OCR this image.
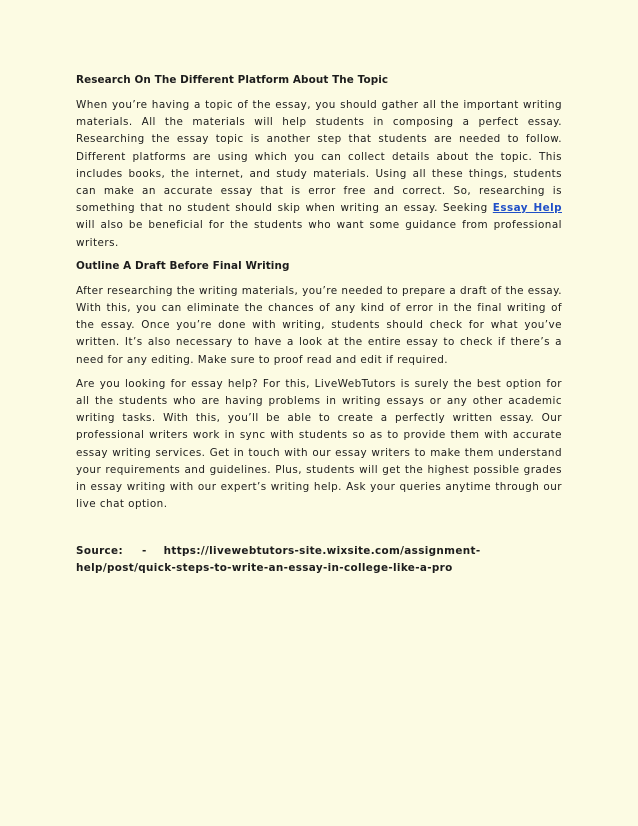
Research On The Different Platform About The Topic

When you’re having a topic of the essay, you should gather all the important writing materials. All the materials will help students in composing a perfect essay. Researching the essay topic is another step that students are needed to follow. Different platforms are using which you can collect details about the topic. This includes books, the internet, and study materials. Using all these things, students can make an accurate essay that is error free and correct. So, researching is something that no student should skip when writing an essay. Seeking Essay Help will also be beneficial for the students who want some guidance from professional writers.

Outline A Draft Before Final Writing

After researching the writing materials, you’re needed to prepare a draft of the essay. With this, you can eliminate the chances of any kind of error in the final writing of the essay. Once you’re done with writing, students should check for what you’ve written. It’s also necessary to have a look at the entire essay to check if there’s a need for any editing. Make sure to proof read and edit if required.

Are you looking for essay help? For this, LiveWebTutors is surely the best option for all the students who are having problems in writing essays or any other academic writing tasks. With this, you’ll be able to create a perfectly written essay. Our professional writers work in sync with students so as to provide them with accurate essay writing services. Get in touch with our essay writers to make them understand your requirements and guidelines. Plus, students will get the highest possible grades in essay writing with our expert’s writing help. Ask your queries anytime through our live chat option.

Source: - https://livewebtutors-site.wixsite.com/assignment-help/post/quick-steps-to-write-an-essay-in-college-like-a-pro
